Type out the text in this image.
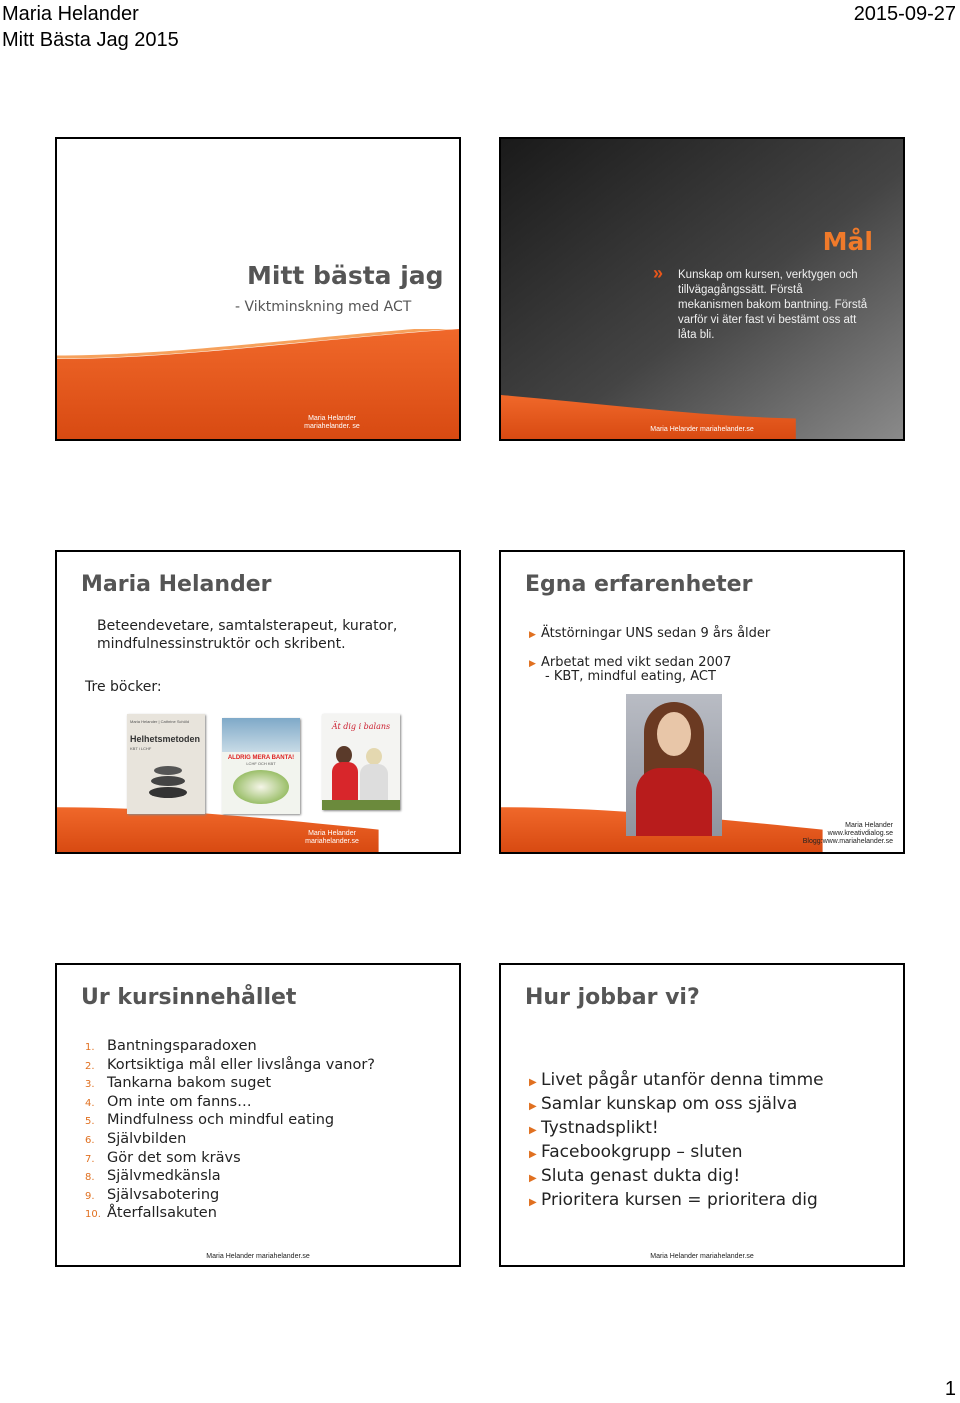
Maria Helander
Mitt Bästa Jag 2015
2015-09-27
Mitt bästa jag
- Viktminskning med ACT
Maria Helander
mariahelander. se
Mål
» Kunskap om kursen, verktygen och tillvägagångssätt. Förstå mekanismen bakom bantning. Förstå varför vi äter fast vi bestämt oss att låta bli.
Maria Helander mariahelander.se
Maria Helander
Beteendevetare, samtalsterapeut, kurator, mindfulnessinstruktör och skribent.
Tre böcker:
Maria Helander | Cathrine Schöld
Helhetsmetoden
KBT i LCHF
ALDRIG MERA BANTA!
LCHF OCH KBT
Ät dig i balans
Maria Helander
mariahelander.se
Egna erfarenheter
▶ Ätstörningar UNS sedan 9 års ålder
▶ Arbetat med vikt sedan 2007
- KBT, mindful eating, ACT
Maria Helander
www.kreativdialog.se
Blogg:www.mariahelander.se
Ur kursinnehållet
1. Bantningsparadoxen
2. Kortsiktiga mål eller livslånga vanor?
3. Tankarna bakom suget
4. Om inte om fanns…
5. Mindfulness och mindful eating
6. Självbilden
7. Gör det som krävs
8. Självmedkänsla
9. Självsabotering
10. Återfallsakuten
Maria Helander mariahelander.se
Hur jobbar vi?
▶ Livet pågår utanför denna timme
▶ Samlar kunskap om oss själva
▶ Tystnadsplikt!
▶ Facebookgrupp – sluten
▶ Sluta genast dukta dig!
▶ Prioritera kursen = prioritera dig
Maria Helander mariahelander.se
1
